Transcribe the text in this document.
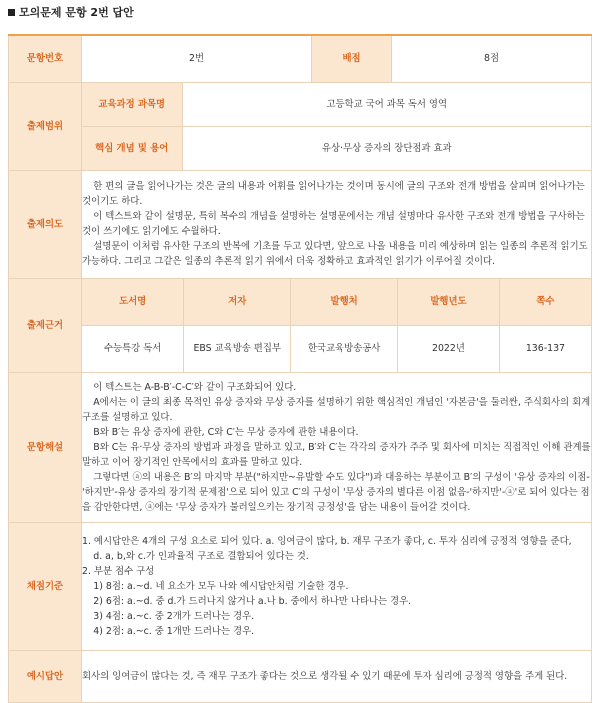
모의문제 문항 2번 답안
문항번호	2번	배점	8점
출제범위	
교육과정 과목명	고등학교 국어 과목 독서 영역
핵심 개념 및 용어	유상·무상 증자의 장단점과 효과

출제의도	

한 편의 글을 읽어나가는 것은 글의 내용과 어휘를 읽어나가는 것이며 동시에 글의 구조와 전개 방법을 살피며 읽어나가는 것이기도 하다.

이 텍스트와 같이 설명문, 특히 복수의 개념을 설명하는 설명문에서는 개념 설명마다 유사한 구조와 전개 방법을 구사하는 것이 쓰기에도 읽기에도 수월하다.

설명문이 이처럼 유사한 구조의 반복에 기초를 두고 있다면, 앞으로 나올 내용을 미리 예상하며 읽는 일종의 추론적 읽기도 가능하다. 그리고 그같은 일종의 추론적 읽기 위에서 더욱 정확하고 효과적인 읽기가 이루어질 것이다.

출제근거	
도서명	저자	발행처	발행년도	쪽수
수능특강 독서	EBS 교육방송 편집부	한국교육방송공사	2022년	136-137

문항해설	

이 텍스트는 A-B-B′-C-C′와 같이 구조화되어 있다.

A에서는 이 글의 최종 목적인 유상 증자와 무상 증자를 설명하기 위한 핵심적인 개념인 '자본금'을 둘러싼, 주식회사의 회계 구조를 설명하고 있다.

B와 B′는 유상 증자에 관한, C와 C′는 무상 증자에 관한 내용이다.

B와 C는 유·무상 증자의 방법과 과정을 말하고 있고, B′와 C′는 각각의 증자가 주주 및 회사에 미치는 직접적인 이해 관계를 말하고 이어 장기적인 안목에서의 효과를 말하고 있다.

그렇다면 ⓐ의 내용은 B′의 마지막 부분("하지만~유발할 수도 있다")과 대응하는 부분이고 B′의 구성이 '유상 증자의 이점-'하지만'-유상 증자의 장기적 문제점'으로 되어 있고 C′의 구성이 '무상 증자의 별다른 이점 없음-'하지만'-ⓐ'로 되어 있다는 점을 감안한다면, ⓐ에는 '무상 증자가 불러일으키는 장기적 긍정성'을 담는 내용이 들어갈 것이다.

채점기준	

1. 예시답안은 4개의 구성 요소로 되어 있다. a. 잉여금이 많다, b. 재무 구조가 좋다, c. 투자 심리에 긍정적 영향을 준다,

d. a, b,와 c.가 인과율적 구조로 결합되어 있다는 것.

2. 부분 점수 구성

1) 8점: a.~d. 네 요소가 모두 나와 예시답안처럼 기술한 경우.

2) 6점: a.~d. 중 d.가 드러나지 않거나 a.나 b. 중에서 하나만 나타나는 경우.

3) 4점: a.~c. 중 2개가 드러나는 경우.

4) 2점: a.~c. 중 1개만 드러나는 경우.

예시답안	회사의 잉여금이 많다는 것, 즉 재무 구조가 좋다는 것으로 생각될 수 있기 때문에 투자 심리에 긍정적 영향을 주게 된다.
